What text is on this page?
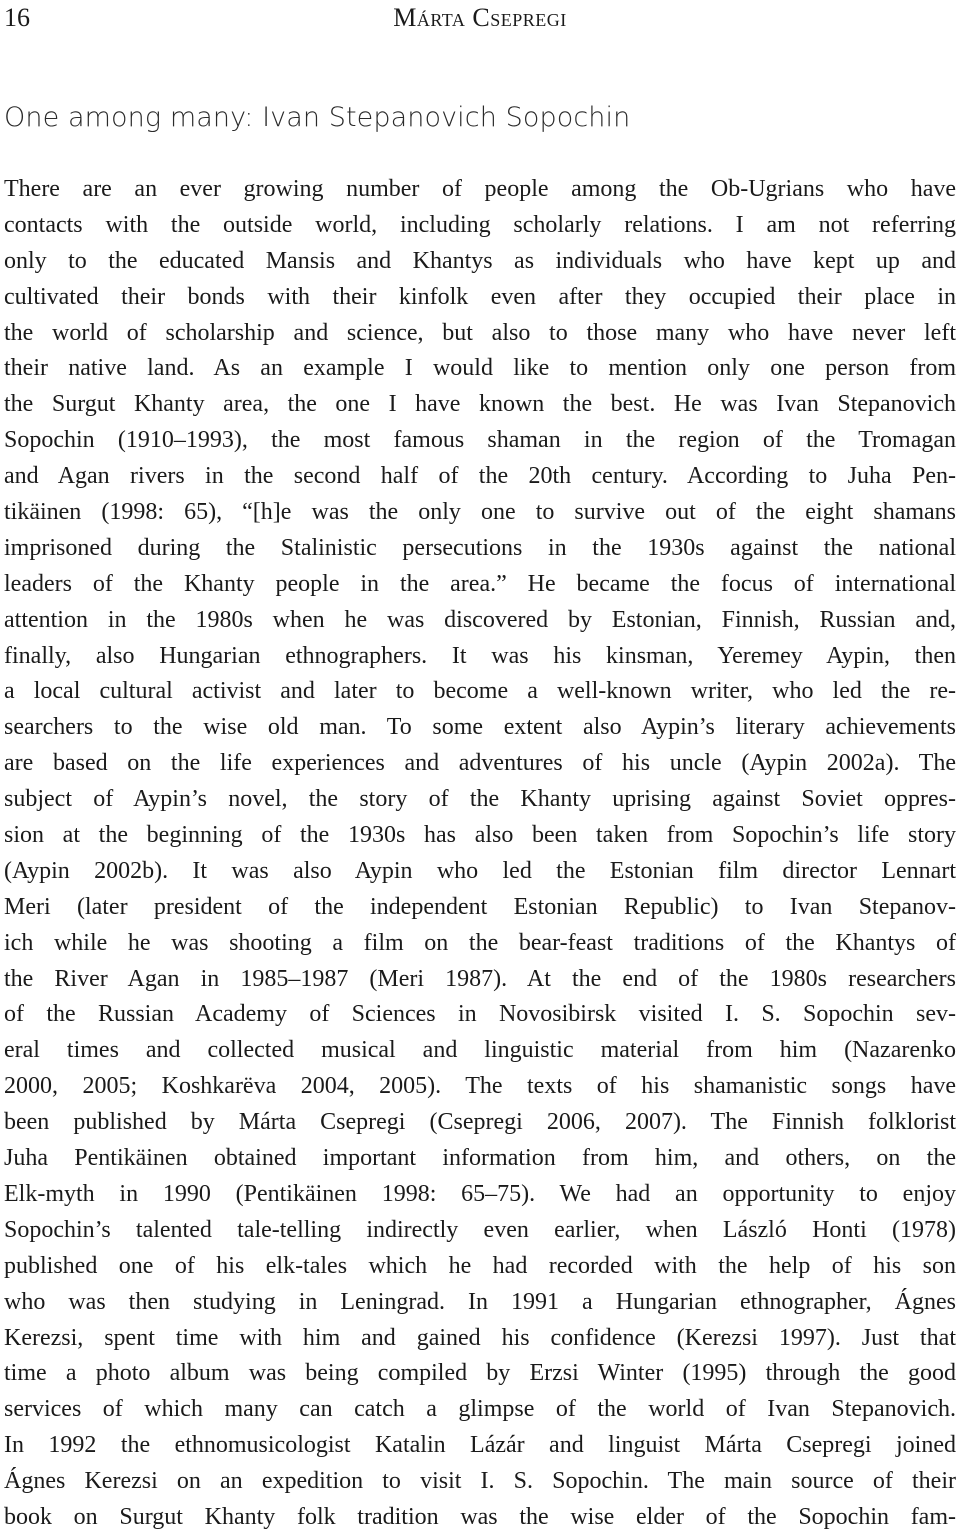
16	Márta Csepregi
One among many: Ivan Stepanovich Sopochin
There are an ever growing number of people among the Ob-Ugrians who have
contacts with the outside world, including scholarly relations. I am not referring
only to the educated Mansis and Khantys as individuals who have kept up and
cultivated their bonds with their kinfolk even after they occupied their place in
the world of scholarship and science, but also to those many who have never left
their native land. As an example I would like to mention only one person from
the Surgut Khanty area, the one I have known the best. He was Ivan Stepanovich
Sopochin (1910–1993), the most famous shaman in the region of the Tromagan
and Agan rivers in the second half of the 20th century. According to Juha Pen-
tikäinen (1998: 65), “[h]e was the only one to survive out of the eight shamans
imprisoned during the Stalinistic persecutions in the 1930s against the national
leaders of the Khanty people in the area.” He became the focus of international
attention in the 1980s when he was discovered by Estonian, Finnish, Russian and,
finally, also Hungarian ethnographers. It was his kinsman, Yeremey Aypin, then
a local cultural activist and later to become a well-known writer, who led the re-
searchers to the wise old man. To some extent also Aypin’s literary achievements
are based on the life experiences and adventures of his uncle (Aypin 2002a). The
subject of Aypin’s novel, the story of the Khanty uprising against Soviet oppres-
sion at the beginning of the 1930s has also been taken from Sopochin’s life story
(Aypin 2002b). It was also Aypin who led the Estonian film director Lennart
Meri (later president of the independent Estonian Republic) to Ivan Stepanov-
ich while he was shooting a film on the bear-feast traditions of the Khantys of
the River Agan in 1985–1987 (Meri 1987). At the end of the 1980s researchers
of the Russian Academy of Sciences in Novosibirsk visited I. S. Sopochin sev-
eral times and collected musical and linguistic material from him (Nazarenko
2000, 2005; Koshkarëva 2004, 2005). The texts of his shamanistic songs have
been published by Márta Csepregi (Csepregi 2006, 2007). The Finnish folklorist
Juha Pentikäinen obtained important information from him, and others, on the
Elk-myth in 1990 (Pentikäinen 1998: 65–75). We had an opportunity to enjoy
Sopochin’s talented tale-telling indirectly even earlier, when László Honti (1978)
published one of his elk-tales which he had recorded with the help of his son
who was then studying in Leningrad. In 1991 a Hungarian ethnographer, Ágnes
Kerezsi, spent time with him and gained his confidence (Kerezsi 1997). Just that
time a photo album was being compiled by Erzsi Winter (1995) through the good
services of which many can catch a glimpse of the world of Ivan Stepanovich.
In 1992 the ethnomusicologist Katalin Lázár and linguist Márta Csepregi joined
Ágnes Kerezsi on an expedition to visit I. S. Sopochin. The main source of their
book on Surgut Khanty folk tradition was the wise elder of the Sopochin fam-
